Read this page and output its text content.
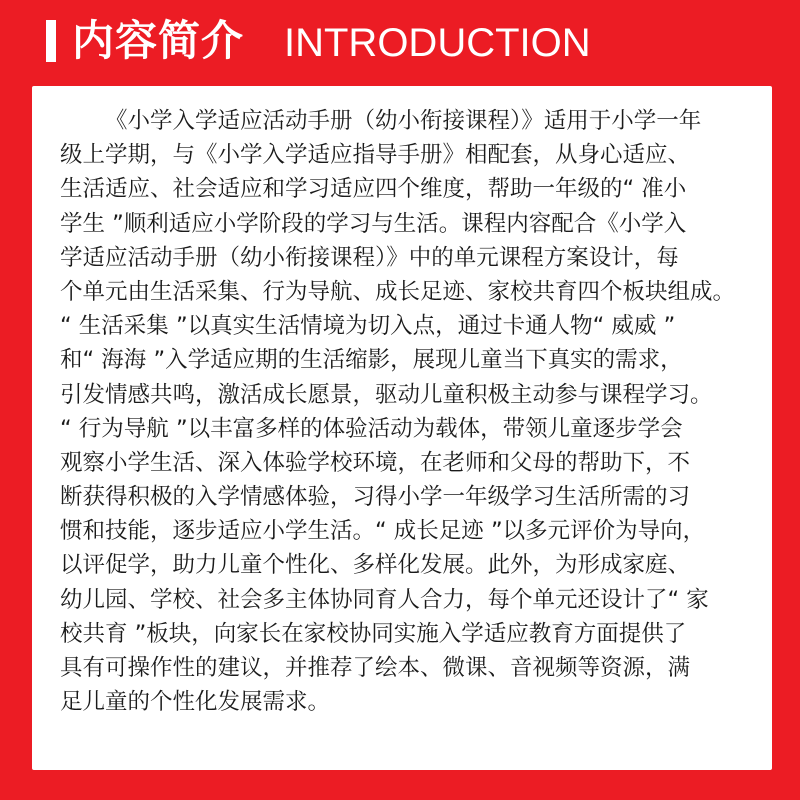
内容简介 INTRODUCTION
《小学入学适应活动手册（幼小衔接课程）》适用于小学一年
级上学期，与《小学入学适应指导手册》相配套，从身心适应、
生活适应、社会适应和学习适应四个维度，帮助一年级的“ 准小
学生 ”顺利适应小学阶段的学习与生活。课程内容配合《小学入
学适应活动手册（幼小衔接课程）》中的单元课程方案设计，每
个单元由生活采集、行为导航、成长足迹、家校共育四个板块组成。
“ 生活采集 ”以真实生活情境为切入点，通过卡通人物“ 威威 ”
和“ 海海 ”入学适应期的生活缩影，展现儿童当下真实的需求，
引发情感共鸣，激活成长愿景，驱动儿童积极主动参与课程学习。
“ 行为导航 ”以丰富多样的体验活动为载体，带领儿童逐步学会
观察小学生活、深入体验学校环境，在老师和父母的帮助下，不
断获得积极的入学情感体验，习得小学一年级学习生活所需的习
惯和技能，逐步适应小学生活。“ 成长足迹 ”以多元评价为导向，
以评促学，助力儿童个性化、多样化发展。此外，为形成家庭、
幼儿园、学校、社会多主体协同育人合力，每个单元还设计了“ 家
校共育 ”板块，向家长在家校协同实施入学适应教育方面提供了
具有可操作性的建议，并推荐了绘本、微课、音视频等资源，满
足儿童的个性化发展需求。
